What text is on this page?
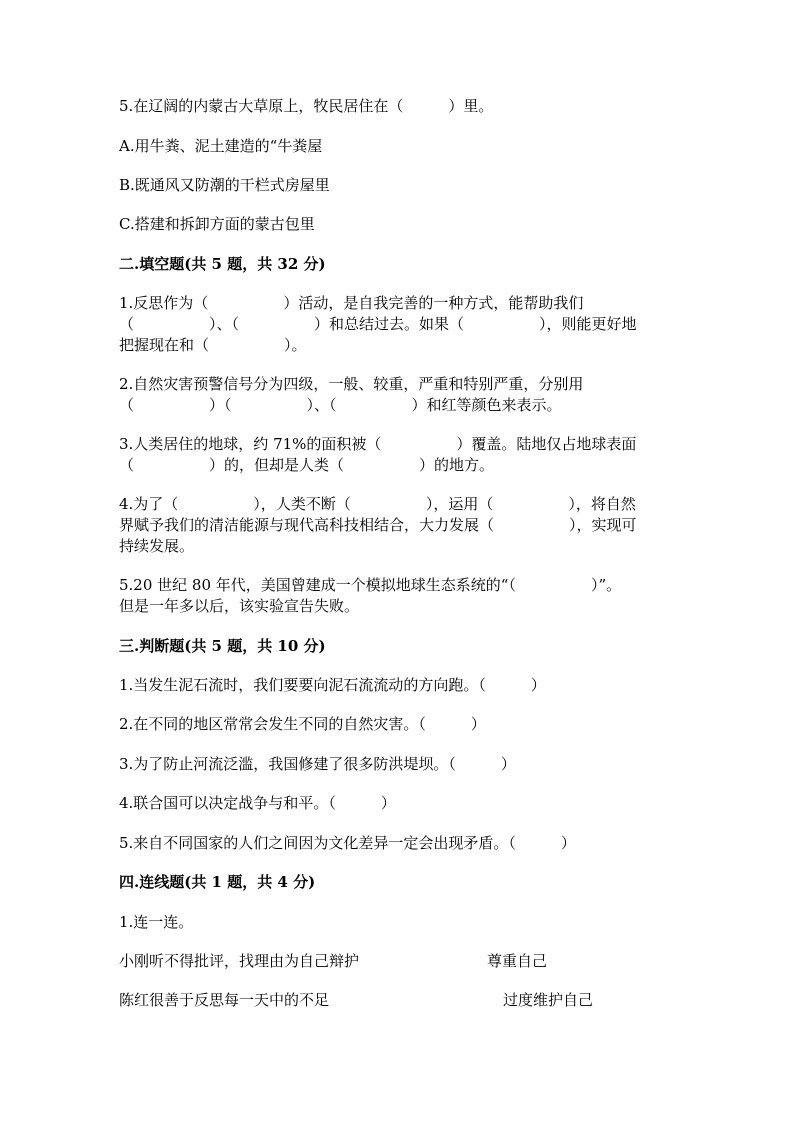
5.在辽阔的内蒙古大草原上，牧民居住在（　　　）里。
A.用牛粪、泥土建造的“牛粪屋
B.既通风又防潮的干栏式房屋里
C.搭建和拆卸方面的蒙古包里
二.填空题(共 5 题，共 32 分)
1.反思作为（　　　　　）活动，是自我完善的一种方式，能帮助我们
（　　　　　）、（　　　　　）和总结过去。如果（　　　　　），则能更好地
把握现在和（　　　　　）。
2.自然灾害预警信号分为四级，一般、较重，严重和特别严重，分别用
（　　　　　）（　　　　　）、（　　　　　）和红等颜色来表示。
3.人类居住的地球，约 71%的面积被（　　　　　）覆盖。陆地仅占地球表面
（　　　　　）的，但却是人类（　　　　　）的地方。
4.为了（　　　　　），人类不断（　　　　　），运用（　　　　　），将自然
界赋予我们的清洁能源与现代高科技相结合，大力发展（　　　　　），实现可
持续发展。
5.20 世纪 80 年代，美国曾建成一个模拟地球生态系统的“（　　　　　）”。
但是一年多以后，该实验宣告失败。
三.判断题(共 5 题，共 10 分)
1.当发生泥石流时，我们要要向泥石流流动的方向跑。（　　　）
2.在不同的地区常常会发生不同的自然灾害。（　　　）
3.为了防止河流泛滥，我国修建了很多防洪堤坝。（　　　）
4.联合国可以决定战争与和平。（　　　）
5.来自不同国家的人们之间因为文化差异一定会出现矛盾。（　　　）
四.连线题(共 1 题，共 4 分)
1.连一连。
小刚听不得批评，找理由为自己辩护	尊重自己
陈红很善于反思每一天中的不足	过度维护自己
